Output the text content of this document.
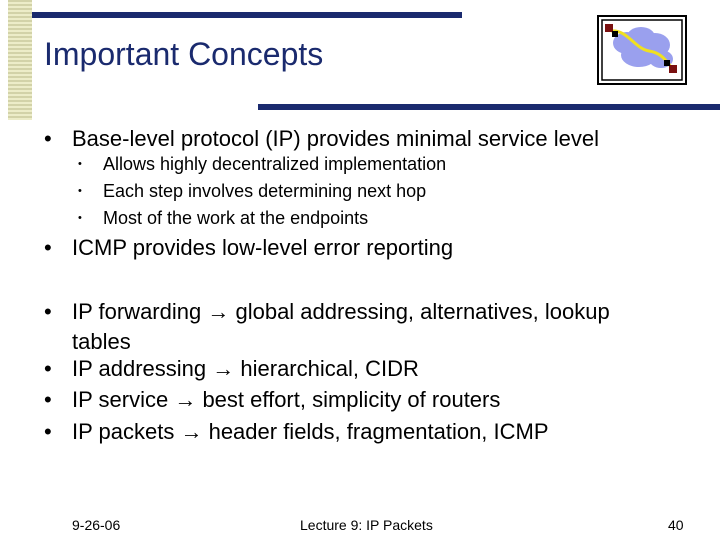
Important Concepts
• Base-level protocol (IP) provides minimal service level
• Allows highly decentralized implementation
• Each step involves determining next hop
• Most of the work at the endpoints
• ICMP provides low-level error reporting
• IP forwarding → global addressing, alternatives, lookup tables
• IP addressing → hierarchical, CIDR
• IP service → best effort, simplicity of routers
• IP packets → header fields, fragmentation, ICMP
9-26-06	Lecture 9: IP Packets	40
